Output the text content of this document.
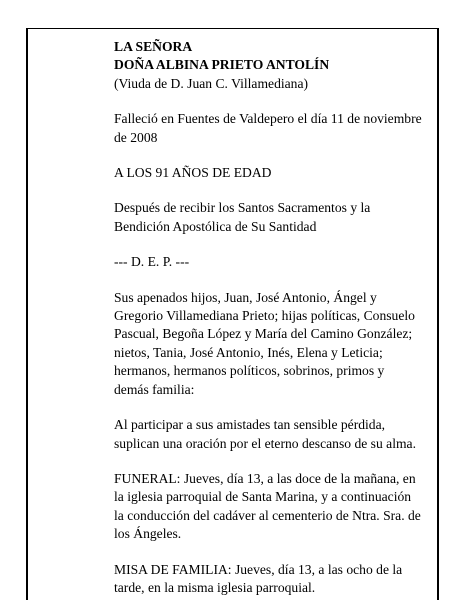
LA SEÑORA

DOÑA ALBINA PRIETO ANTOLÍN

(Viuda de D. Juan C. Villamediana)

Falleció en Fuentes de Valdepero el día 11 de noviembre de 2008

A LOS 91 AÑOS DE EDAD

Después de recibir los Santos Sacramentos y la Bendición Apostólica de Su Santidad

--- D. E. P. ---

Sus apenados hijos, Juan, José Antonio, Ángel y Gregorio Villamediana Prieto; hijas políticas, Consuelo Pascual, Begoña López y María del Camino González; nietos, Tania, José Antonio, Inés, Elena y Leticia; hermanos, hermanos políticos, sobrinos, primos y demás familia:

Al participar a sus amistades tan sensible pérdida, suplican una oración por el eterno descanso de su alma.

FUNERAL: Jueves, día 13, a las doce de la mañana, en la iglesia parroquial de Santa Marina, y a continuación la conducción del cadáver al cementerio de Ntra. Sra. de los Ángeles.

MISA DE FAMILIA: Jueves, día 13, a las ocho de la tarde, en la misma iglesia parroquial.
